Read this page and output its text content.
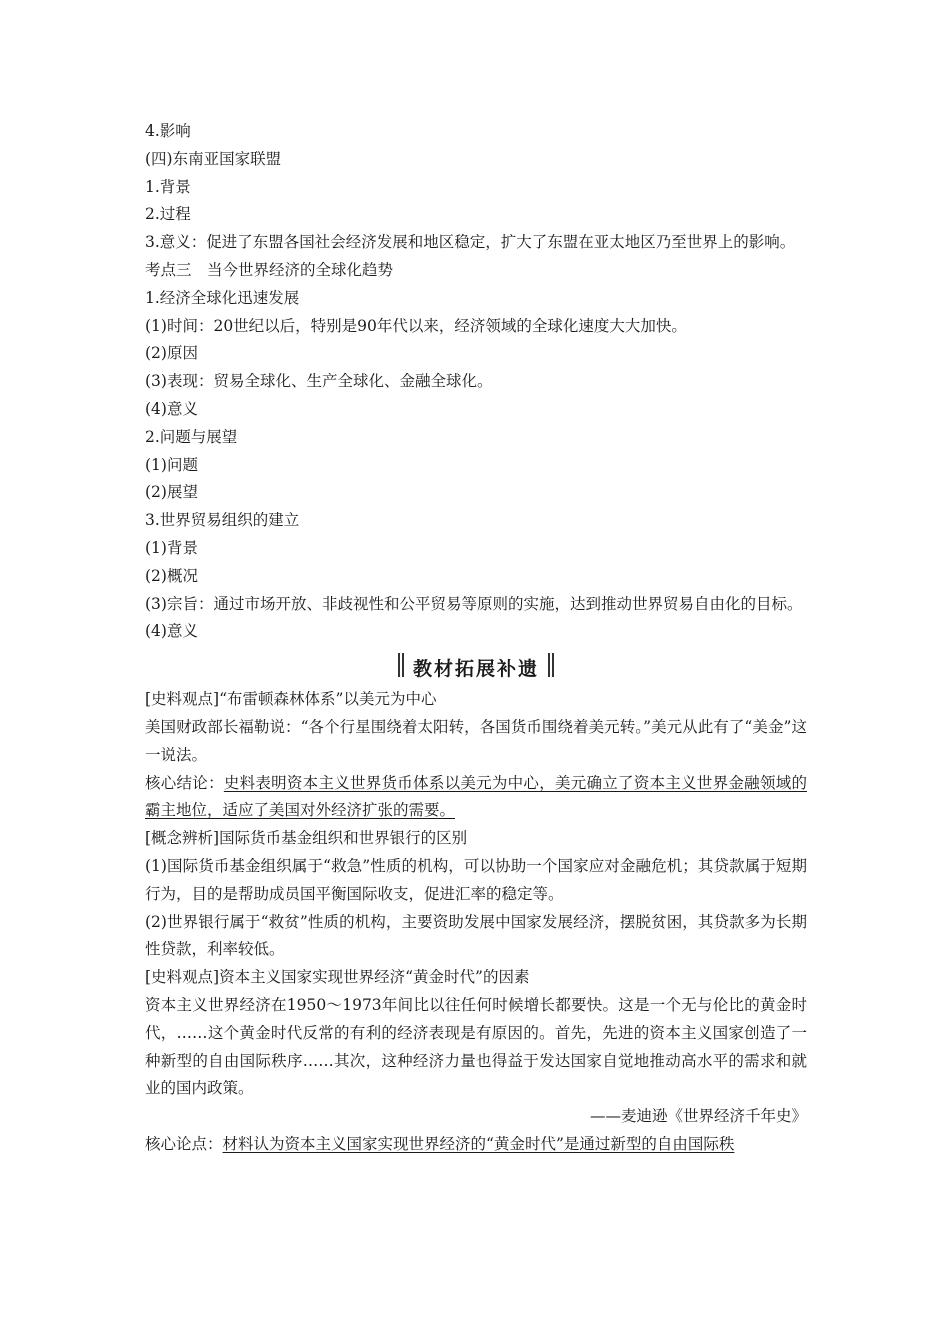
4.影响
(四)东南亚国家联盟
1.背景
2.过程
3.意义：促进了东盟各国社会经济发展和地区稳定，扩大了东盟在亚太地区乃至世界上的影响。
考点三　当今世界经济的全球化趋势
1.经济全球化迅速发展
(1)时间：20世纪以后，特别是90年代以来，经济领域的全球化速度大大加快。
(2)原因
(3)表现：贸易全球化、生产全球化、金融全球化。
(4)意义
2.问题与展望
(1)问题
(2)展望
3.世界贸易组织的建立
(1)背景
(2)概况
(3)宗旨：通过市场开放、非歧视性和公平贸易等原则的实施，达到推动世界贸易自由化的目标。
(4)意义
教材拓展补遗
[史料观点]“布雷顿森林体系”以美元为中心
美国财政部长福勒说：“各个行星围绕着太阳转，各国货币围绕着美元转。”美元从此有了“美金”这一说法。
核心结论：史料表明资本主义世界货币体系以美元为中心，美元确立了资本主义世界金融领域的霸主地位，适应了美国对外经济扩张的需要。
[概念辨析]国际货币基金组织和世界银行的区别
(1)国际货币基金组织属于“救急”性质的机构，可以协助一个国家应对金融危机；其贷款属于短期行为，目的是帮助成员国平衡国际收支，促进汇率的稳定等。
(2)世界银行属于“救贫”性质的机构，主要资助发展中国家发展经济，摆脱贫困，其贷款多为长期性贷款，利率较低。
[史料观点]资本主义国家实现世界经济“黄金时代”的因素
资本主义世界经济在1950～1973年间比以往任何时候增长都要快。这是一个无与伦比的黄金时代，……这个黄金时代反常的有利的经济表现是有原因的。首先，先进的资本主义国家创造了一种新型的自由国际秩序……其次，这种经济力量也得益于发达国家自觉地推动高水平的需求和就业的国内政策。
——麦迪逊《世界经济千年史》
核心论点：材料认为资本主义国家实现世界经济的“黄金时代”是通过新型的自由国际秩
